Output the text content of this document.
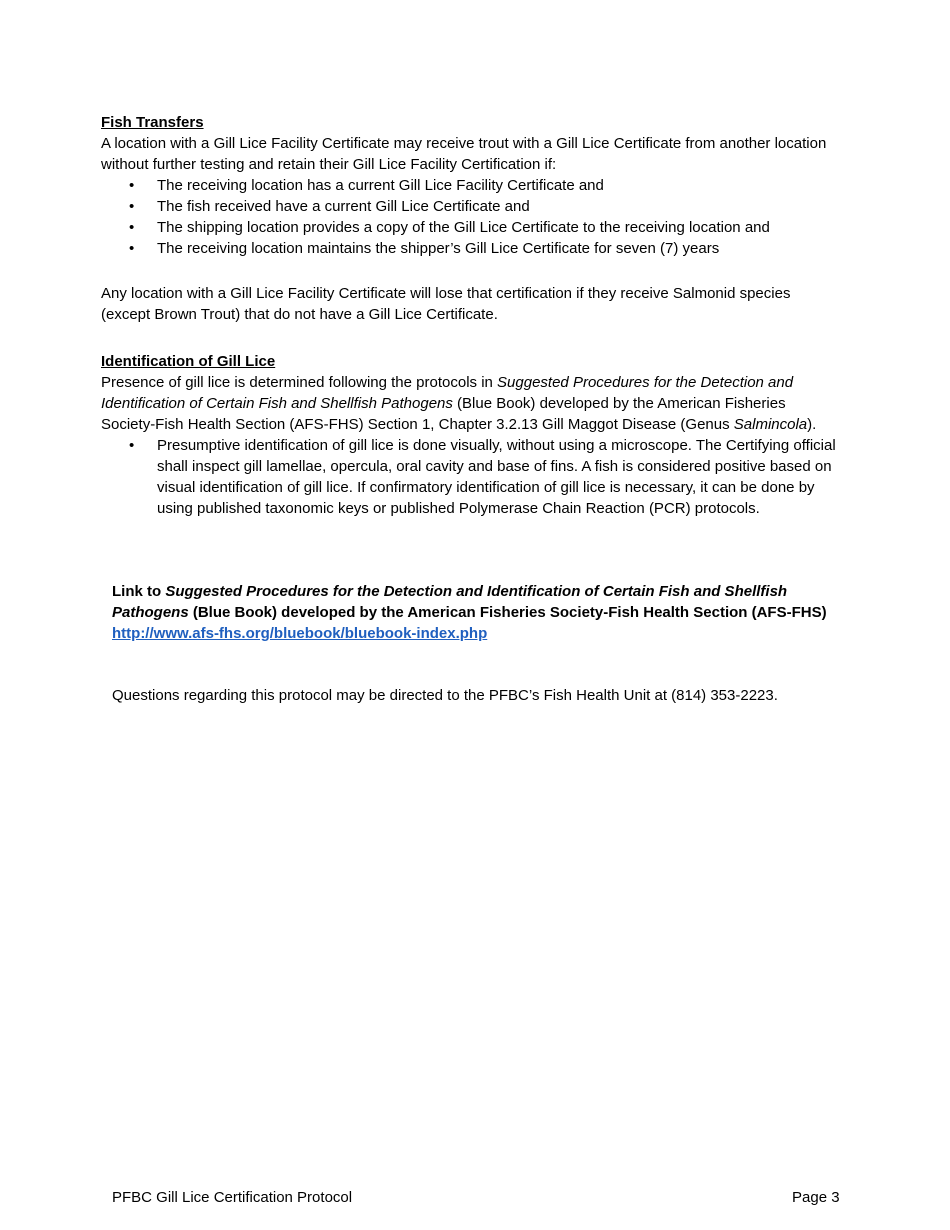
Fish Transfers
A location with a Gill Lice Facility Certificate may receive trout with a Gill Lice Certificate from another location without further testing and retain their Gill Lice Facility Certification if:
• The receiving location has a current Gill Lice Facility Certificate and
• The fish received have a current Gill Lice Certificate and
• The shipping location provides a copy of the Gill Lice Certificate to the receiving location and
• The receiving location maintains the shipper’s Gill Lice Certificate for seven (7) years
Any location with a Gill Lice Facility Certificate will lose that certification if they receive Salmonid species (except Brown Trout) that do not have a Gill Lice Certificate.
Identification of Gill Lice
Presence of gill lice is determined following the protocols in Suggested Procedures for the Detection and Identification of Certain Fish and Shellfish Pathogens (Blue Book) developed by the American Fisheries Society-Fish Health Section (AFS-FHS) Section 1, Chapter 3.2.13 Gill Maggot Disease (Genus Salmincola).
• Presumptive identification of gill lice is done visually, without using a microscope. The Certifying official shall inspect gill lamellae, opercula, oral cavity and base of fins. A fish is considered positive based on visual identification of gill lice. If confirmatory identification of gill lice is necessary, it can be done by using published taxonomic keys or published Polymerase Chain Reaction (PCR) protocols.
Link to Suggested Procedures for the Detection and Identification of Certain Fish and Shellfish Pathogens (Blue Book) developed by the American Fisheries Society-Fish Health Section (AFS-FHS)
http://www.afs-fhs.org/bluebook/bluebook-index.php
Questions regarding this protocol may be directed to the PFBC’s Fish Health Unit at (814) 353-2223.
PFBC Gill Lice Certification Protocol	Page 3
